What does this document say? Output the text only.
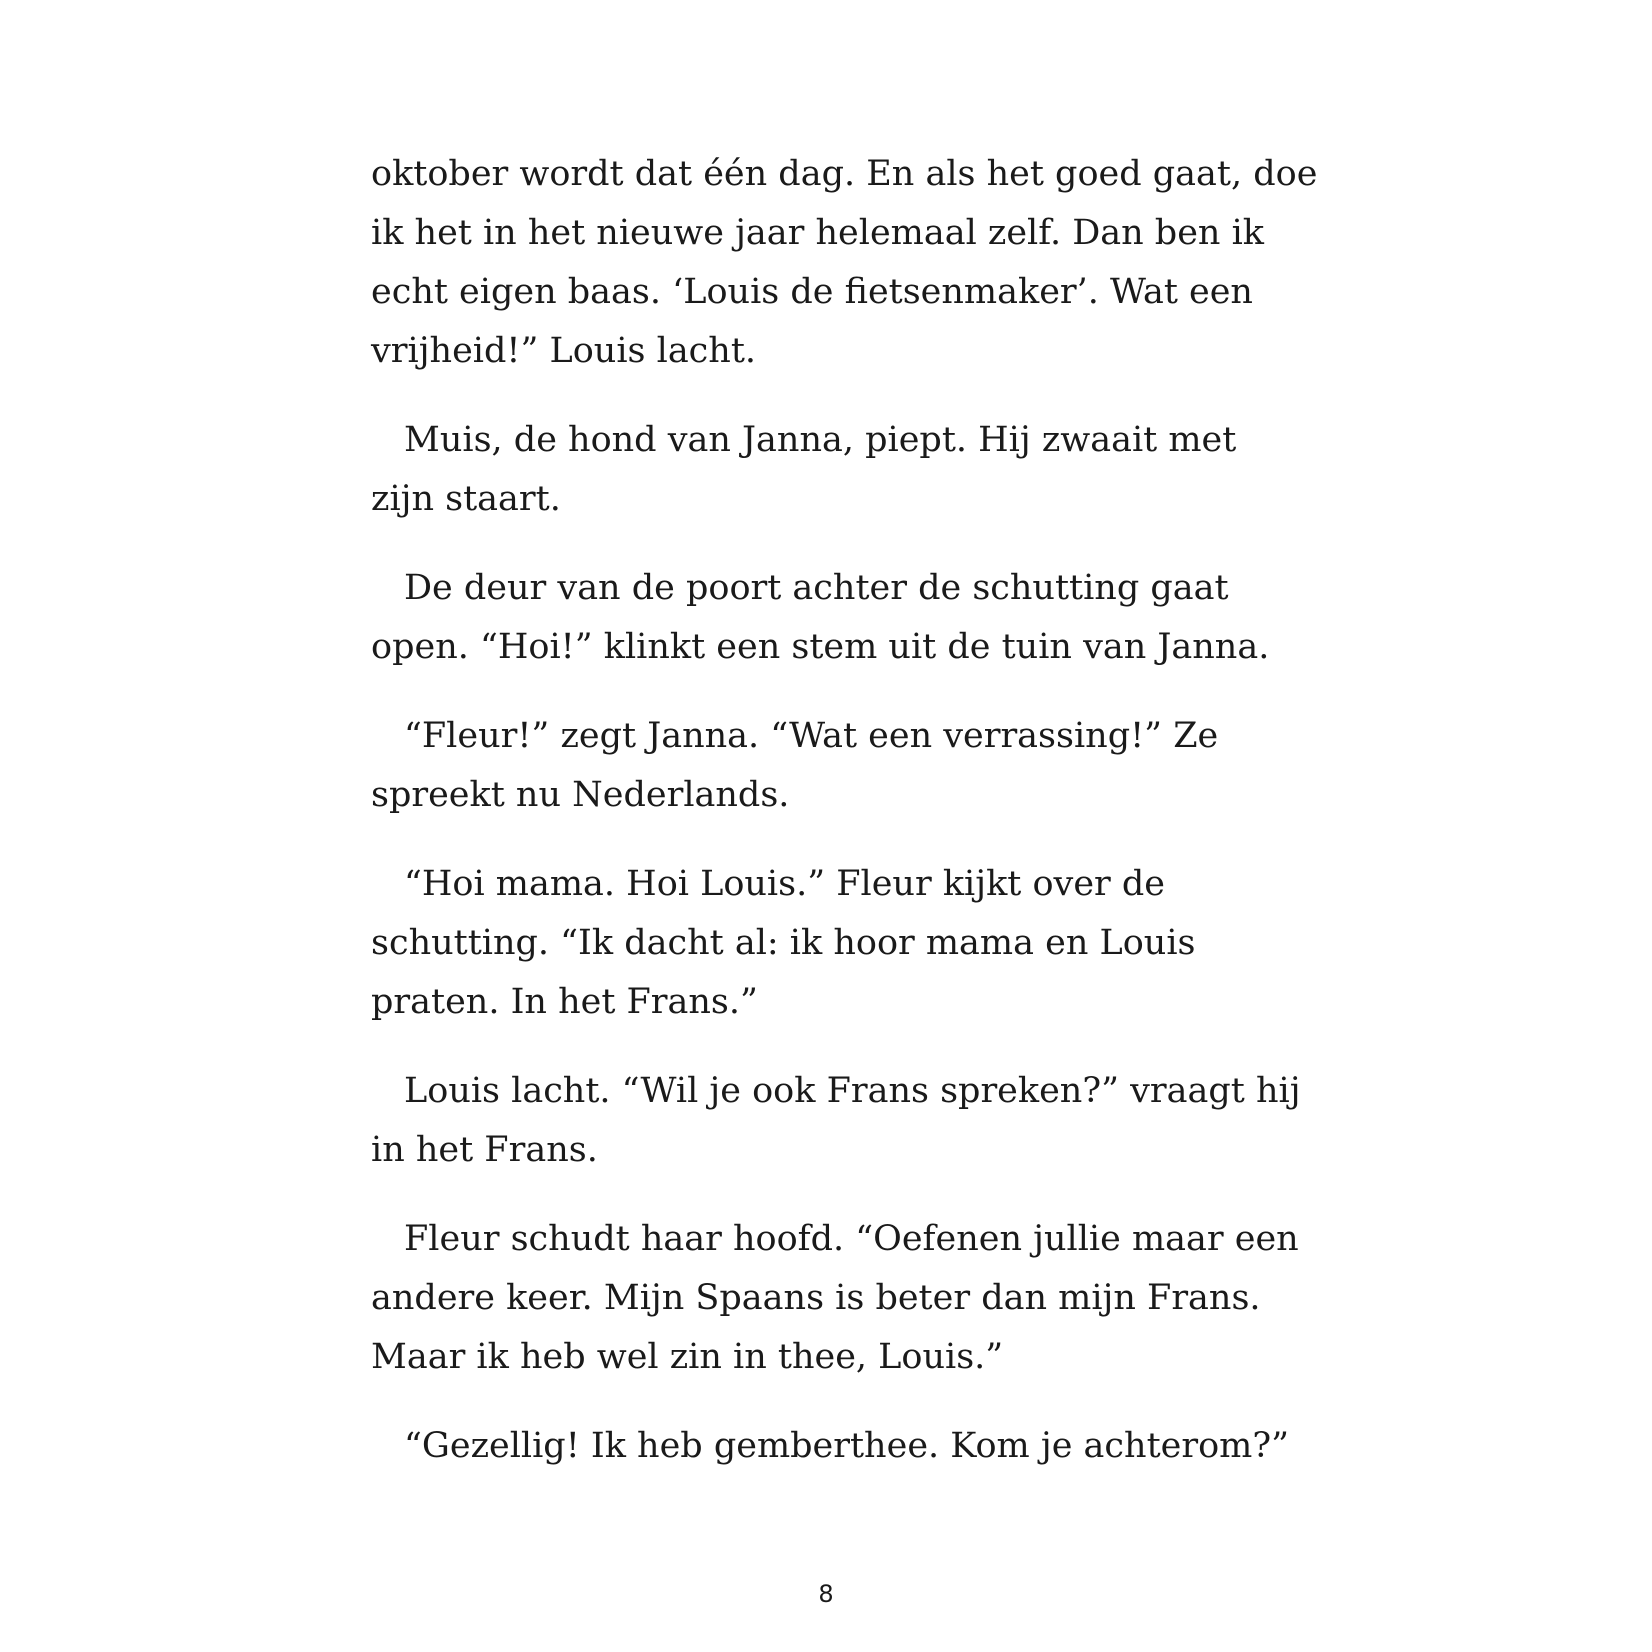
oktober wordt dat één dag. En als het goed gaat, doe
ik het in het nieuwe jaar helemaal zelf. Dan ben ik
echt eigen baas. ‘Louis de fietsenmaker’. Wat een
vrijheid!” Louis lacht.

Muis, de hond van Janna, piept. Hij zwaait met
zijn staart.

De deur van de poort achter de schutting gaat
open. “Hoi!” klinkt een stem uit de tuin van Janna.

“Fleur!” zegt Janna. “Wat een verrassing!” Ze
spreekt nu Nederlands.

“Hoi mama. Hoi Louis.” Fleur kijkt over de
schutting. “Ik dacht al: ik hoor mama en Louis
praten. In het Frans.”

Louis lacht. “Wil je ook Frans spreken?” vraagt hij
in het Frans.

Fleur schudt haar hoofd. “Oefenen jullie maar een
andere keer. Mijn Spaans is beter dan mijn Frans.
Maar ik heb wel zin in thee, Louis.”

“Gezellig! Ik heb gemberthee. Kom je achterom?”

8
